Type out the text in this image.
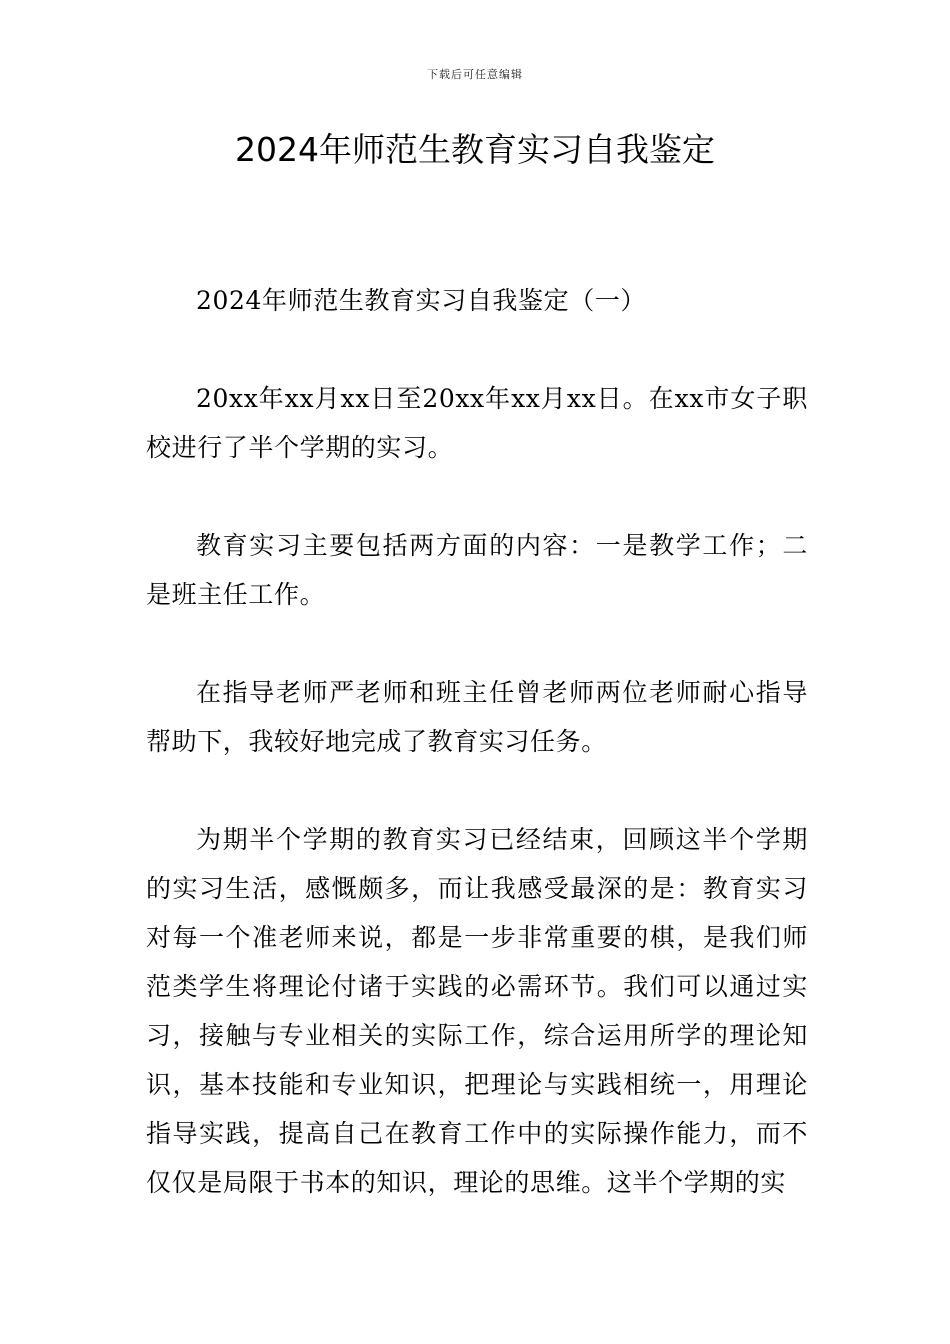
下载后可任意编辑
2024年师范生教育实习自我鉴定

2024年师范生教育实习自我鉴定（一）

20xx年xx月xx日至20xx年xx月xx日。在xx市女子职校进行了半个学期的实习。

教育实习主要包括两方面的内容：一是教学工作；二是班主任工作。

在指导老师严老师和班主任曾老师两位老师耐心指导帮助下，我较好地完成了教育实习任务。

为期半个学期的教育实习已经结束，回顾这半个学期的实习生活，感慨颇多，而让我感受最深的是：教育实习对每一个准老师来说，都是一步非常重要的棋，是我们师范类学生将理论付诸于实践的必需环节。我们可以通过实习，接触与专业相关的实际工作，综合运用所学的理论知识，基本技能和专业知识，把理论与实践相统一，用理论指导实践，提高自己在教育工作中的实际操作能力，而不仅仅是局限于书本的知识，理论的思维。这半个学期的实
